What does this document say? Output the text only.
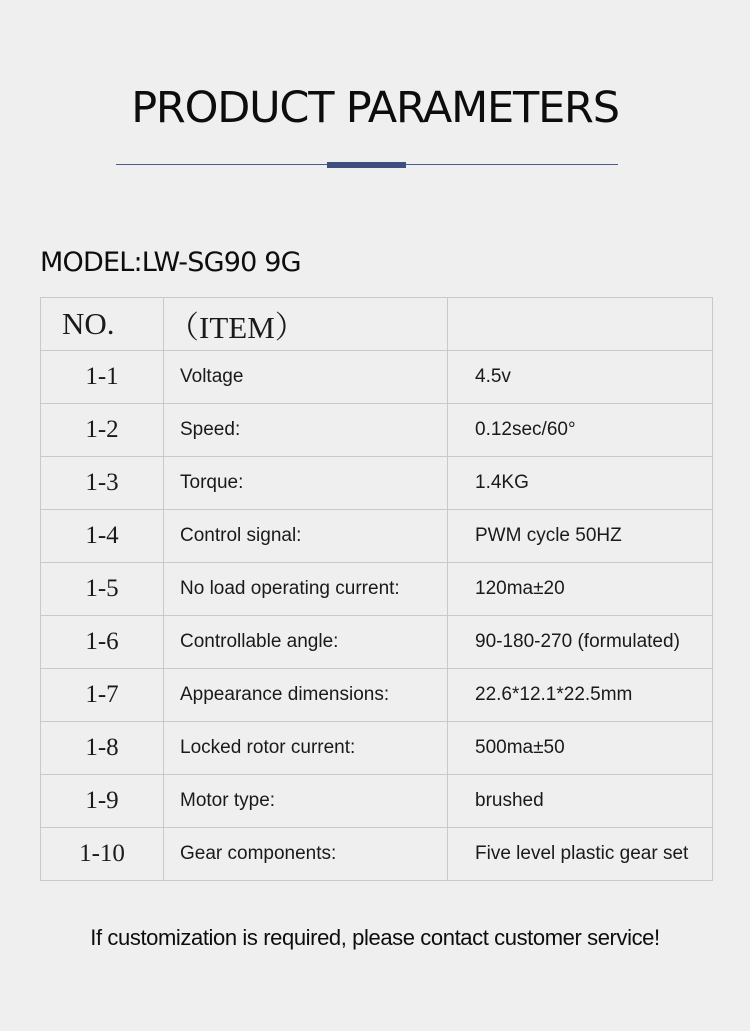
PRODUCT PARAMETERS
MODEL:LW-SG90 9G
NO.	（ITEM）	
1-1	Voltage	4.5v
1-2	Speed:	0.12sec/60°
1-3	Torque:	1.4KG
1-4	Control signal:	PWM cycle 50HZ
1-5	No load operating current:	120ma±20
1-6	Controllable angle:	90-180-270 (formulated)
1-7	Appearance dimensions:	22.6*12.1*22.5mm
1-8	Locked rotor current:	500ma±50
1-9	Motor type:	brushed
1-10	Gear components:	Five level plastic gear set
If customization is required, please contact customer service!
